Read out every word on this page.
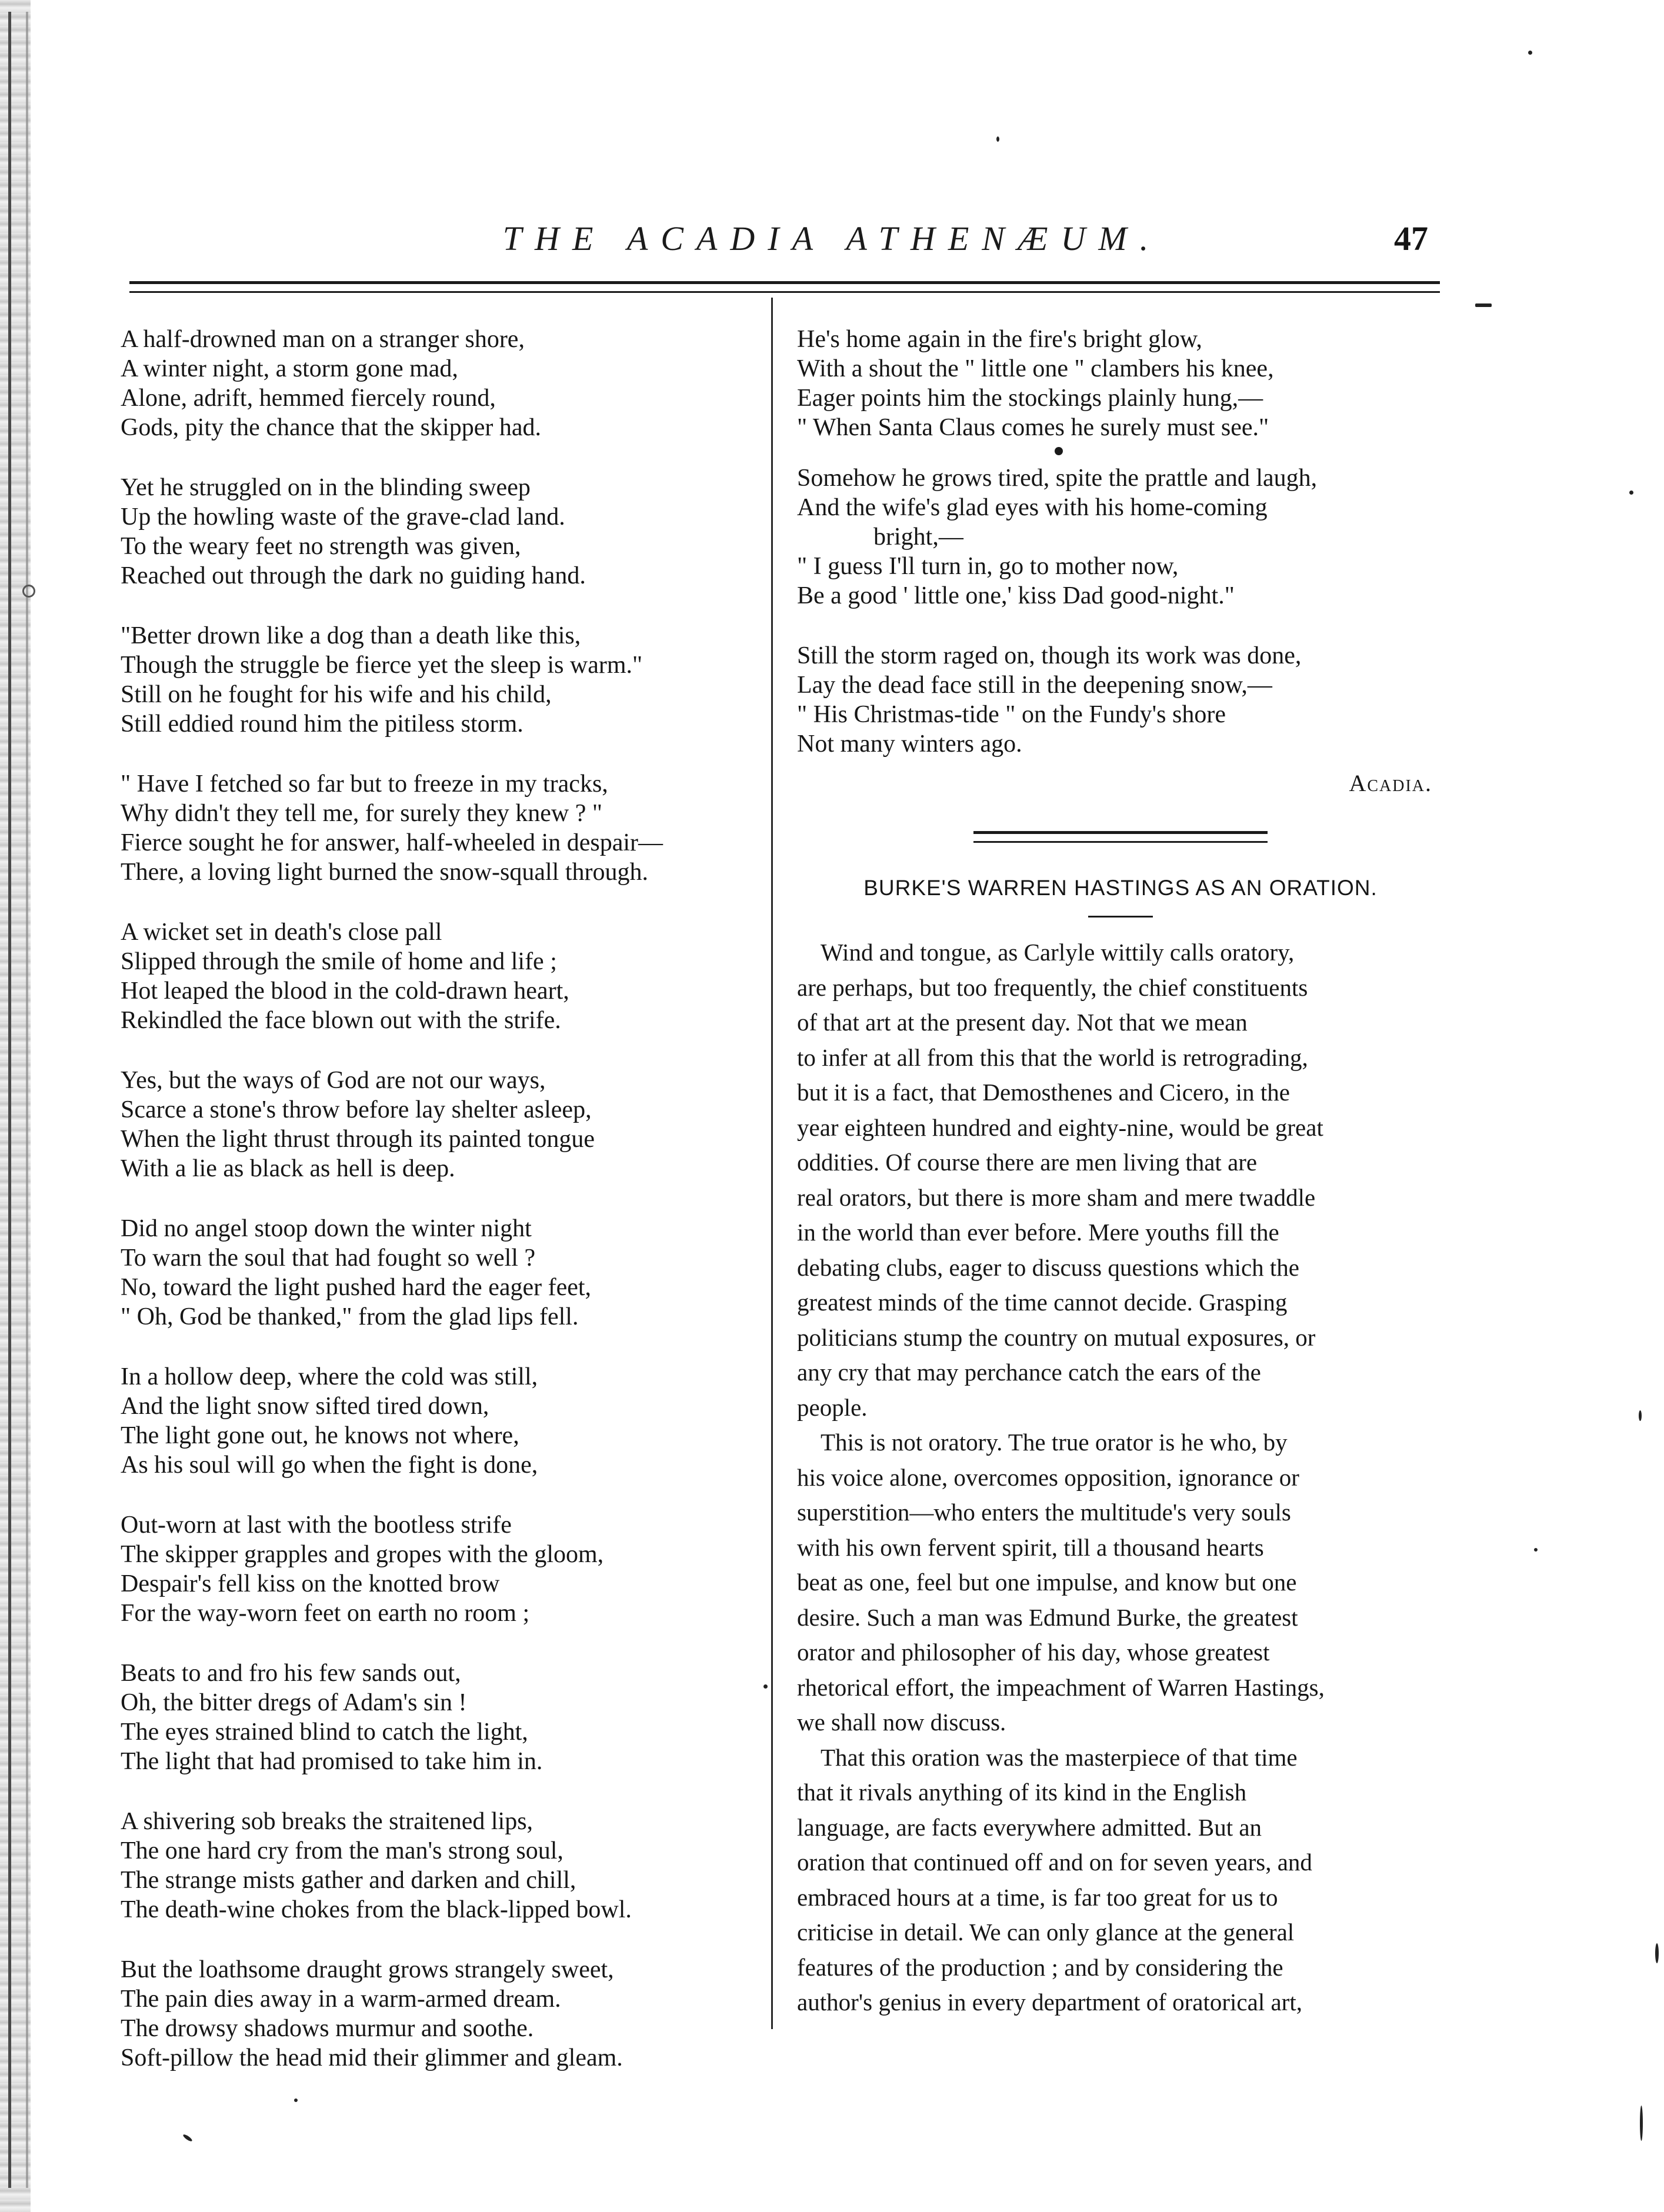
THE ACADIA ATHENÆUM.	47
A half-drowned man on a stranger shore,
A winter night, a storm gone mad,
Alone, adrift, hemmed fiercely round,
Gods, pity the chance that the skipper had.
Yet he struggled on in the blinding sweep
Up the howling waste of the grave-clad land.
To the weary feet no strength was given,
Reached out through the dark no guiding hand.
"Better drown like a dog than a death like this,
Though the struggle be fierce yet the sleep is warm."
Still on he fought for his wife and his child,
Still eddied round him the pitiless storm.
" Have I fetched so far but to freeze in my tracks,
Why didn't they tell me, for surely they knew ? "
Fierce sought he for answer, half-wheeled in despair—
There, a loving light burned the snow-squall through.
A wicket set in death's close pall
Slipped through the smile of home and life ;
Hot leaped the blood in the cold-drawn heart,
Rekindled the face blown out with the strife.
Yes, but the ways of God are not our ways,
Scarce a stone's throw before lay shelter asleep,
When the light thrust through its painted tongue
With a lie as black as hell is deep.
Did no angel stoop down the winter night
To warn the soul that had fought so well ?
No, toward the light pushed hard the eager feet,
" Oh, God be thanked," from the glad lips fell.
In a hollow deep, where the cold was still,
And the light snow sifted tired down,
The light gone out, he knows not where,
As his soul will go when the fight is done,
Out-worn at last with the bootless strife
The skipper grapples and gropes with the gloom,
Despair's fell kiss on the knotted brow
For the way-worn feet on earth no room ;
Beats to and fro his few sands out,
Oh, the bitter dregs of Adam's sin !
The eyes strained blind to catch the light,
The light that had promised to take him in.
A shivering sob breaks the straitened lips,
The one hard cry from the man's strong soul,
The strange mists gather and darken and chill,
The death-wine chokes from the black-lipped bowl.
But the loathsome draught grows strangely sweet,
The pain dies away in a warm-armed dream.
The drowsy shadows murmur and soothe.
Soft-pillow the head mid their glimmer and gleam.
He's home again in the fire's bright glow,
With a shout the " little one " clambers his knee,
Eager points him the stockings plainly hung,—
" When Santa Claus comes he surely must see."
Somehow he grows tired, spite the prattle and laugh,
And the wife's glad eyes with his home-coming
bright,—
" I guess I'll turn in, go to mother now,
Be a good ' little one,' kiss Dad good-night."
Still the storm raged on, though its work was done,
Lay the dead face still in the deepening snow,—
" His Christmas-tide " on the Fundy's shore
Not many winters ago.
Acadia.
BURKE'S WARREN HASTINGS AS AN ORATION.
Wind and tongue, as Carlyle wittily calls oratory,
are perhaps, but too frequently, the chief constituents
of that art at the present day. Not that we mean
to infer at all from this that the world is retrograding,
but it is a fact, that Demosthenes and Cicero, in the
year eighteen hundred and eighty-nine, would be great
oddities. Of course there are men living that are
real orators, but there is more sham and mere twaddle
in the world than ever before. Mere youths fill the
debating clubs, eager to discuss questions which the
greatest minds of the time cannot decide. Grasping
politicians stump the country on mutual exposures, or
any cry that may perchance catch the ears of the
people.
This is not oratory. The true orator is he who, by
his voice alone, overcomes opposition, ignorance or
superstition—who enters the multitude's very souls
with his own fervent spirit, till a thousand hearts
beat as one, feel but one impulse, and know but one
desire. Such a man was Edmund Burke, the greatest
orator and philosopher of his day, whose greatest
rhetorical effort, the impeachment of Warren Hastings,
we shall now discuss.
That this oration was the masterpiece of that time
that it rivals anything of its kind in the English
language, are facts everywhere admitted. But an
oration that continued off and on for seven years, and
embraced hours at a time, is far too great for us to
criticise in detail. We can only glance at the general
features of the production ; and by considering the
author's genius in every department of oratorical art,
